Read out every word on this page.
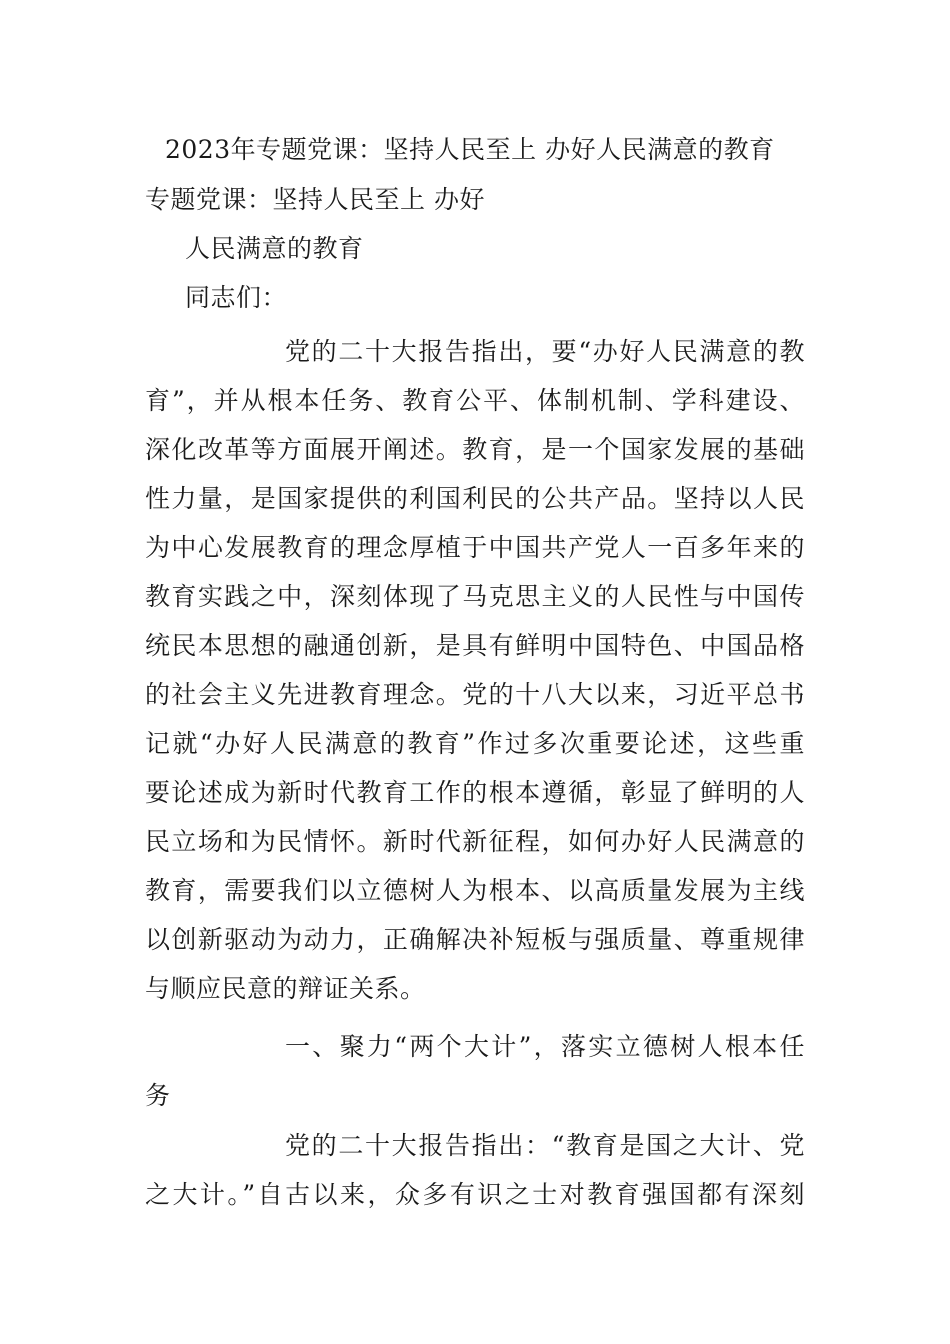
2023年专题党课：坚持人民至上 办好人民满意的教育
专题党课：坚持人民至上 办好
人民满意的教育
同志们：
党的二十大报告指出，要“办好人民满意的教
育”，并从根本任务、教育公平、体制机制、学科建设、
深化改革等方面展开阐述。教育，是一个国家发展的基础
性力量，是国家提供的利国利民的公共产品。坚持以人民
为中心发展教育的理念厚植于中国共产党人一百多年来的
教育实践之中，深刻体现了马克思主义的人民性与中国传
统民本思想的融通创新，是具有鲜明中国特色、中国品格
的社会主义先进教育理念。党的十八大以来，习近平总书
记就“办好人民满意的教育”作过多次重要论述，这些重
要论述成为新时代教育工作的根本遵循，彰显了鲜明的人
民立场和为民情怀。新时代新征程，如何办好人民满意的
教育，需要我们以立德树人为根本、以高质量发展为主线
以创新驱动为动力，正确解决补短板与强质量、尊重规律
与顺应民意的辩证关系。
一、聚力“两个大计”，落实立德树人根本任
务
党的二十大报告指出：“教育是国之大计、党
之大计。”自古以来，众多有识之士对教育强国都有深刻
